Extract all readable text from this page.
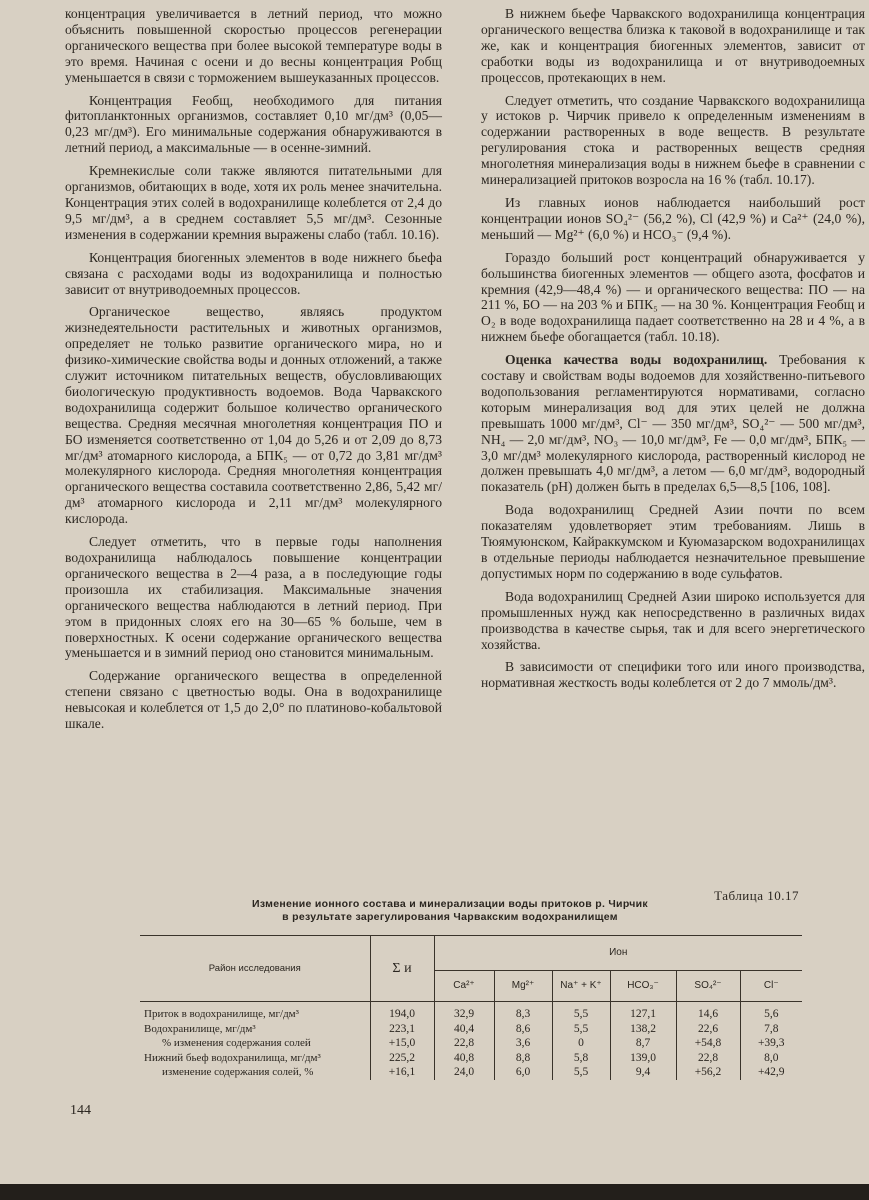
концентрация увеличивается в летний период, что можно объяснить повышенной скоростью процессов регенерации органического вещества при более высокой температуре воды в это время. Начиная с осени и до весны концентрация Pобщ уменьшается в связи с торможением вышеуказанных процессов.

Концентрация Feобщ, необходимого для питания фитопланктонных организмов, составляет 0,10 мг/дм³ (0,05—0,23 мг/дм³). Его минимальные содержания обнаруживаются в летний период, а максимальные — в осенне-зимний.

Кремнекислые соли также являются питательными для организмов, обитающих в воде, хотя их роль менее значительна. Концентрация этих солей в водохранилище колеблется от 2,4 до 9,5 мг/дм³, а в среднем составляет 5,5 мг/дм³. Сезонные изменения в содержании кремния выражены слабо (табл. 10.16).

Концентрация биогенных элементов в воде нижнего бьефа связана с расходами воды из водохранилища и полностью зависит от внутриводоемных процессов.

Органическое вещество, являясь продуктом жизнедеятельности растительных и животных организмов, определяет не только развитие органического мира, но и физико-химические свойства воды и донных отложений, а также служит источником питательных веществ, обусловливающих биологическую продуктивность водоемов. Вода Чарвакского водохранилища содержит большое количество органического вещества. Средняя месячная многолетняя концентрация ПО и БО изменяется соответственно от 1,04 до 5,26 и от 2,09 до 8,73 мг/дм³ атомарного кислорода, а БПК₅ — от 0,72 до 3,81 мг/дм³ молекулярного кислорода. Средняя многолетняя концентрация органического вещества составила соответственно 2,86, 5,42 мг/дм³ атомарного кислорода и 2,11 мг/дм³ молекулярного кислорода.

Следует отметить, что в первые годы наполнения водохранилища наблюдалось повышение концентрации органического вещества в 2—4 раза, а в последующие годы произошла их стабилизация. Максимальные значения органического вещества наблюдаются в летний период. При этом в придонных слоях его на 30—65 % больше, чем в поверхностных. К осени содержание органического вещества уменьшается и в зимний период оно становится минимальным.

Содержание органического вещества в определенной степени связано с цветностью воды. Она в водохранилище невысокая и колеблется от 1,5 до 2,0° по платиново-кобальтовой шкале.

В нижнем бьефе Чарвакского водохранилища концентрация органического вещества близка к таковой в водохранилище и так же, как и концентрация биогенных элементов, зависит от сработки воды из водохранилища и от внутриводоемных процессов, протекающих в нем.

Следует отметить, что создание Чарвакского водохранилища у истоков р. Чирчик привело к определенным изменениям в содержании растворенных в воде веществ. В результате регулирования стока и растворенных веществ средняя многолетняя минерализация воды в нижнем бьефе в сравнении с минерализацией притоков возросла на 16 % (табл. 10.17).

Из главных ионов наблюдается наибольший рост концентрации ионов SO₄²⁻ (56,2 %), Cl (42,9 %) и Ca²⁺ (24,0 %), меньший — Mg²⁺ (6,0 %) и HCO₃⁻ (9,4 %).

Гораздо больший рост концентраций обнаруживается у большинства биогенных элементов — общего азота, фосфатов и кремния (42,9—48,4 %) — и органического вещества: ПО — на 211 %, БО — на 203 % и БПК₅ — на 30 %. Концентрация Feобщ и O₂ в воде водохранилища падает соответственно на 28 и 4 %, а в нижнем бьефе обогащается (табл. 10.18).

Оценка качества воды водохранилищ. Требования к составу и свойствам воды водоемов для хозяйственно-питьевого водопользования регламентируются нормативами, согласно которым минерализация вод для этих целей не должна превышать 1000 мг/дм³, Cl⁻ — 350 мг/дм³, SO₄²⁻ — 500 мг/дм³, NH₄ — 2,0 мг/дм³, NO₃ — 10,0 мг/дм³, Fe — 0,0 мг/дм³, БПК₅ — 3,0 мг/дм³ молекулярного кислорода, растворенный кислород не должен превышать 4,0 мг/дм³, а летом — 6,0 мг/дм³, водородный показатель (pH) должен быть в пределах 6,5—8,5 [106, 108].

Вода водохранилищ Средней Азии почти по всем показателям удовлетворяет этим требованиям. Лишь в Тюямуюнском, Кайраккумском и Куюмазарском водохранилищах в отдельные периоды наблюдается незначительное превышение допустимых норм по содержанию в воде сульфатов.

Вода водохранилищ Средней Азии широко используется для промышленных нужд как непосредственно в различных видах производства в качестве сырья, так и для всего энергетического хозяйства.

В зависимости от специфики того или иного производства, нормативная жесткость воды колеблется от 2 до 7 ммоль/дм³.

Таблица 10.17
Изменение ионного состава и минерализации воды притоков р. Чирчик
в результате зарегулирования Чарвакским водохранилищем
Район исследования	Σ и	Ион					
		Ca²⁺	Mg²⁺	Na⁺ + K⁺	HCO₃⁻	SO₄²⁻	Cl⁻
Приток в водохранилище, мг/дм³	194,0	32,9	8,3	5,5	127,1	14,6	5,6
Водохранилище, мг/дм³	223,1	40,4	8,6	5,5	138,2	22,6	7,8
% изменения содержания солей	+15,0	22,8	3,6	0	8,7	+54,8	+39,3
Нижний бьеф водохранилища, мг/дм³	225,2	40,8	8,8	5,8	139,0	22,8	8,0
изменение содержания солей, %	+16,1	24,0	6,0	5,5	9,4	+56,2	+42,9
144
